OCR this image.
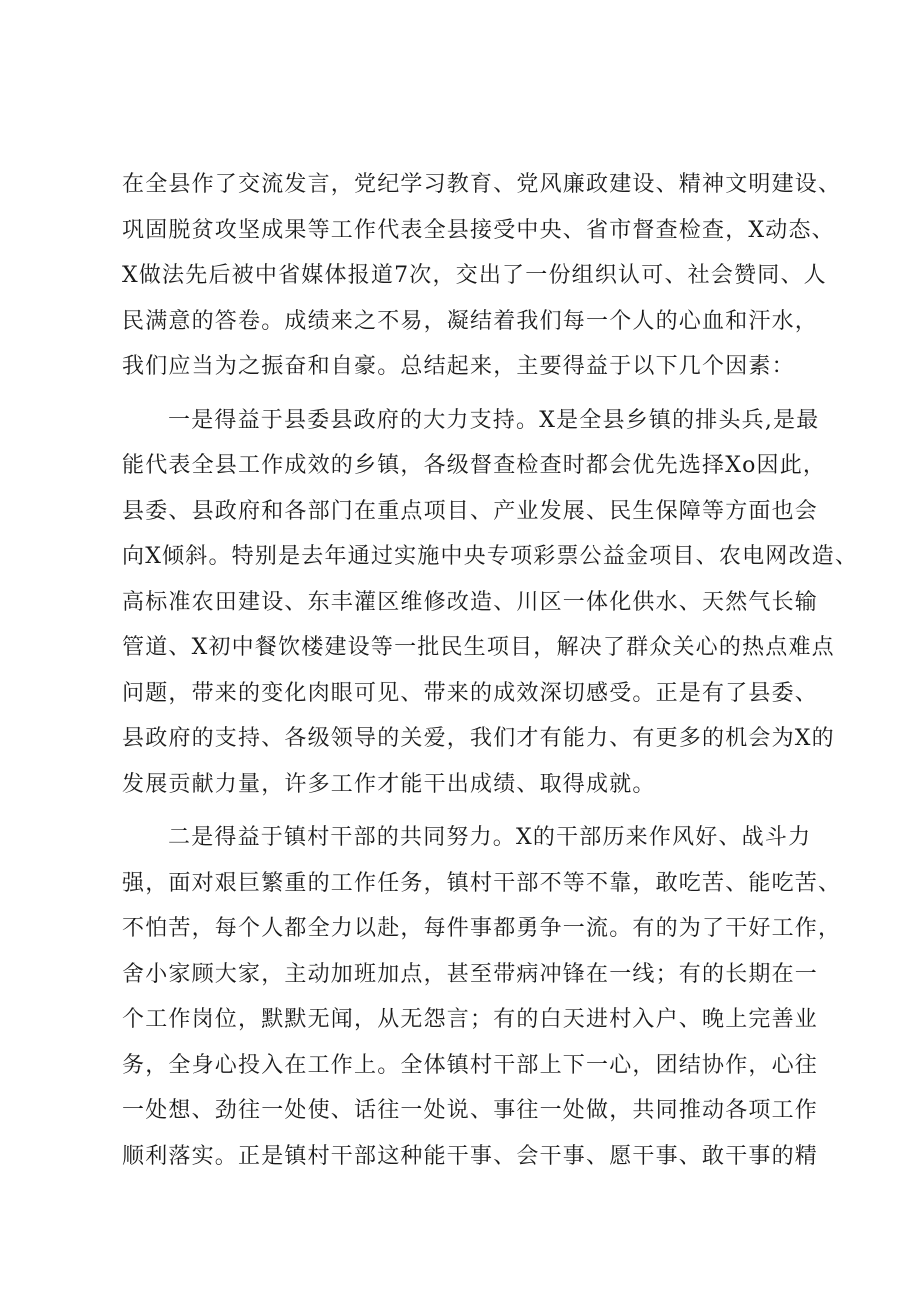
在全县作了交流发言，党纪学习教育、党风廉政建设、精神文明建设、
巩固脱贫攻坚成果等工作代表全县接受中央、省市督查检查，X动态、
X做法先后被中省媒体报道7次，交出了一份组织认可、社会赞同、人
民满意的答卷。成绩来之不易，凝结着我们每一个人的心血和汗水，
我们应当为之振奋和自豪。总结起来，主要得益于以下几个因素：
一是得益于县委县政府的大力支持。X是全县乡镇的排头兵,是最
能代表全县工作成效的乡镇，各级督查检查时都会优先选择Xo因此，
县委、县政府和各部门在重点项目、产业发展、民生保障等方面也会
向X倾斜。特别是去年通过实施中央专项彩票公益金项目、农电网改造、
高标准农田建设、东丰灌区维修改造、川区一体化供水、天然气长输
管道、X初中餐饮楼建设等一批民生项目，解决了群众关心的热点难点
问题，带来的变化肉眼可见、带来的成效深切感受。正是有了县委、
县政府的支持、各级领导的关爱，我们才有能力、有更多的机会为X的
发展贡献力量，许多工作才能干出成绩、取得成就。
二是得益于镇村干部的共同努力。X的干部历来作风好、战斗力
强，面对艰巨繁重的工作任务，镇村干部不等不靠，敢吃苦、能吃苦、
不怕苦，每个人都全力以赴，每件事都勇争一流。有的为了干好工作，
舍小家顾大家，主动加班加点，甚至带病冲锋在一线；有的长期在一
个工作岗位，默默无闻，从无怨言；有的白天进村入户、晚上完善业
务，全身心投入在工作上。全体镇村干部上下一心，团结协作，心往
一处想、劲往一处使、话往一处说、事往一处做，共同推动各项工作
顺利落实。正是镇村干部这种能干事、会干事、愿干事、敢干事的精
